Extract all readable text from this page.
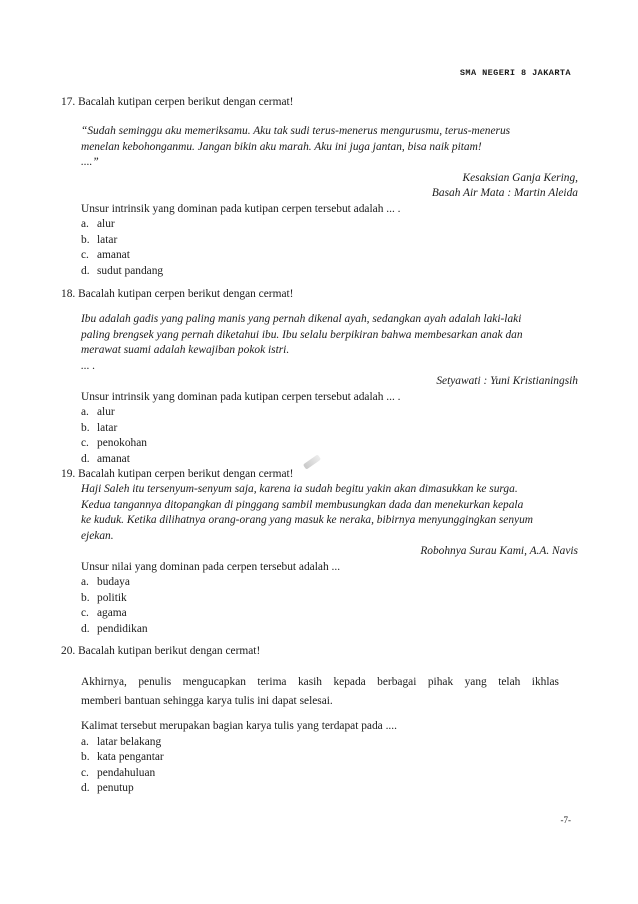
SMA NEGERI 8 JAKARTA
17. Bacalah kutipan cerpen berikut dengan cermat!
“Sudah seminggu aku memeriksamu. Aku tak sudi terus-menerus mengurusmu, terus-menerus
menelan kebohonganmu. Jangan bikin aku marah. Aku ini juga jantan, bisa naik pitam!
....”
Kesaksian Ganja Kering,
Basah Air Mata : Martin Aleida
Unsur intrinsik yang dominan pada kutipan cerpen tersebut adalah ... .
a. alur
b. latar
c. amanat
d. sudut pandang
18. Bacalah kutipan cerpen berikut dengan cermat!
Ibu adalah gadis yang paling manis yang pernah dikenal ayah, sedangkan ayah adalah laki-laki
paling brengsek yang pernah diketahui ibu. Ibu selalu berpikiran bahwa membesarkan anak dan
merawat suami adalah kewajiban pokok istri.
... .
Setyawati : Yuni Kristianingsih
Unsur intrinsik yang dominan pada kutipan cerpen tersebut adalah ... .
a. alur
b. latar
c. penokohan
d. amanat
19. Bacalah kutipan cerpen berikut dengan cermat!
Haji Saleh itu tersenyum-senyum saja, karena ia sudah begitu yakin akan dimasukkan ke surga.
Kedua tangannya ditopangkan di pinggang sambil membusungkan dada dan menekurkan kepala
ke kuduk. Ketika dilihatnya orang-orang yang masuk ke neraka, bibirnya menyunggingkan senyum
ejekan.
Robohnya Surau Kami, A.A. Navis
Unsur nilai yang dominan pada cerpen tersebut adalah ...
a. budaya
b. politik
c. agama
d. pendidikan
20. Bacalah kutipan berikut dengan cermat!
Akhirnya, penulis mengucapkan terima kasih kepada berbagai pihak yang telah ikhlas
memberi bantuan sehingga karya tulis ini dapat selesai.
Kalimat tersebut merupakan bagian karya tulis yang terdapat pada ....
a. latar belakang
b. kata pengantar
c. pendahuluan
d. penutup
-7-
